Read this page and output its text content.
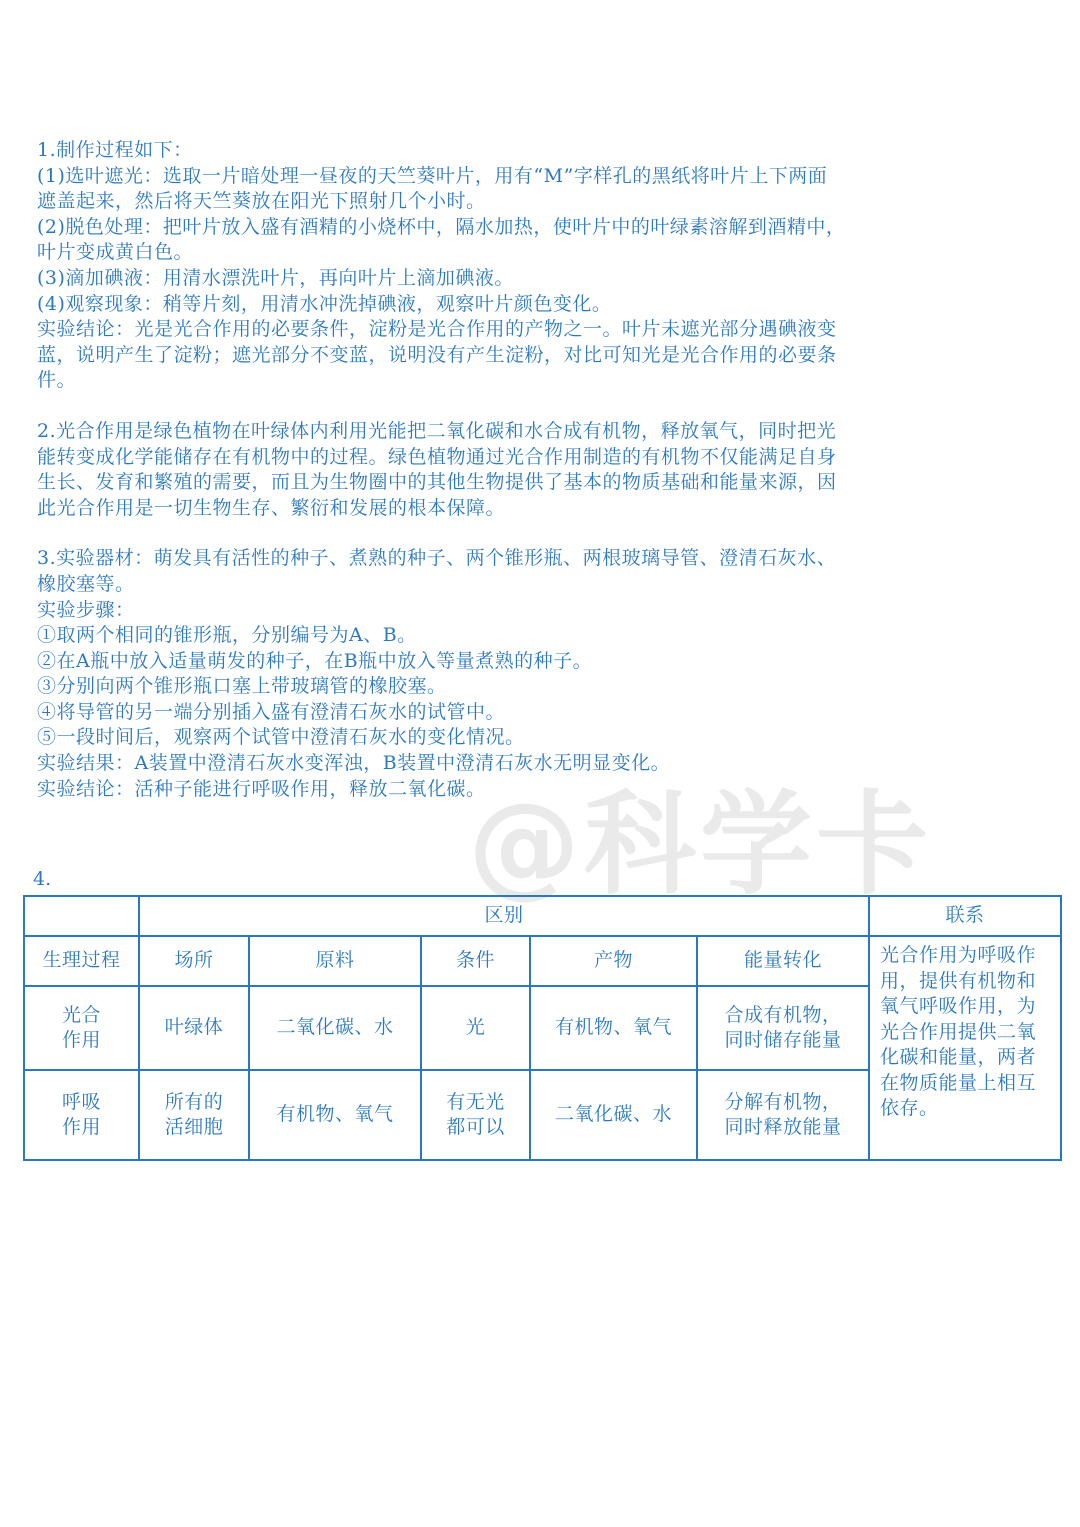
1.制作过程如下：
(1)选叶遮光：选取一片暗处理一昼夜的天竺葵叶片，用有“M”字样孔的黑纸将叶片上下两面
遮盖起来，然后将天竺葵放在阳光下照射几个小时。
(2)脱色处理：把叶片放入盛有酒精的小烧杯中，隔水加热，使叶片中的叶绿素溶解到酒精中，
叶片变成黄白色。
(3)滴加碘液：用清水漂洗叶片，再向叶片上滴加碘液。
(4)观察现象：稍等片刻，用清水冲洗掉碘液，观察叶片颜色变化。
实验结论：光是光合作用的必要条件，淀粉是光合作用的产物之一。叶片未遮光部分遇碘液变
蓝，说明产生了淀粉；遮光部分不变蓝，说明没有产生淀粉，对比可知光是光合作用的必要条
件。
2.光合作用是绿色植物在叶绿体内利用光能把二氧化碳和水合成有机物，释放氧气，同时把光
能转变成化学能储存在有机物中的过程。绿色植物通过光合作用制造的有机物不仅能满足自身
生长、发育和繁殖的需要，而且为生物圈中的其他生物提供了基本的物质基础和能量来源，因
此光合作用是一切生物生存、繁衍和发展的根本保障。
3.实验器材：萌发具有活性的种子、煮熟的种子、两个锥形瓶、两根玻璃导管、澄清石灰水、
橡胶塞等。
实验步骤：
①取两个相同的锥形瓶，分别编号为A、B。
②在A瓶中放入适量萌发的种子，在B瓶中放入等量煮熟的种子。
③分别向两个锥形瓶口塞上带玻璃管的橡胶塞。
④将导管的另一端分别插入盛有澄清石灰水的试管中。
⑤一段时间后，观察两个试管中澄清石灰水的变化情况。
实验结果：A装置中澄清石灰水变浑浊，B装置中澄清石灰水无明显变化。
实验结论：活种子能进行呼吸作用，释放二氧化碳。
@科学卡
4.
	区别					联系
生理过程	场所	原料	条件	产物	能量转化	光合作用为呼吸作用，提供有机物和氧气呼吸作用，为光合作用提供二氧化碳和能量，两者在物质能量上相互依存。
光合
作用	叶绿体	二氧化碳、水	光	有机物、氧气	合成有机物，
同时储存能量	
呼吸
作用	所有的
活细胞	有机物、氧气	有无光
都可以	二氧化碳、水	分解有机物，
同时释放能量	
